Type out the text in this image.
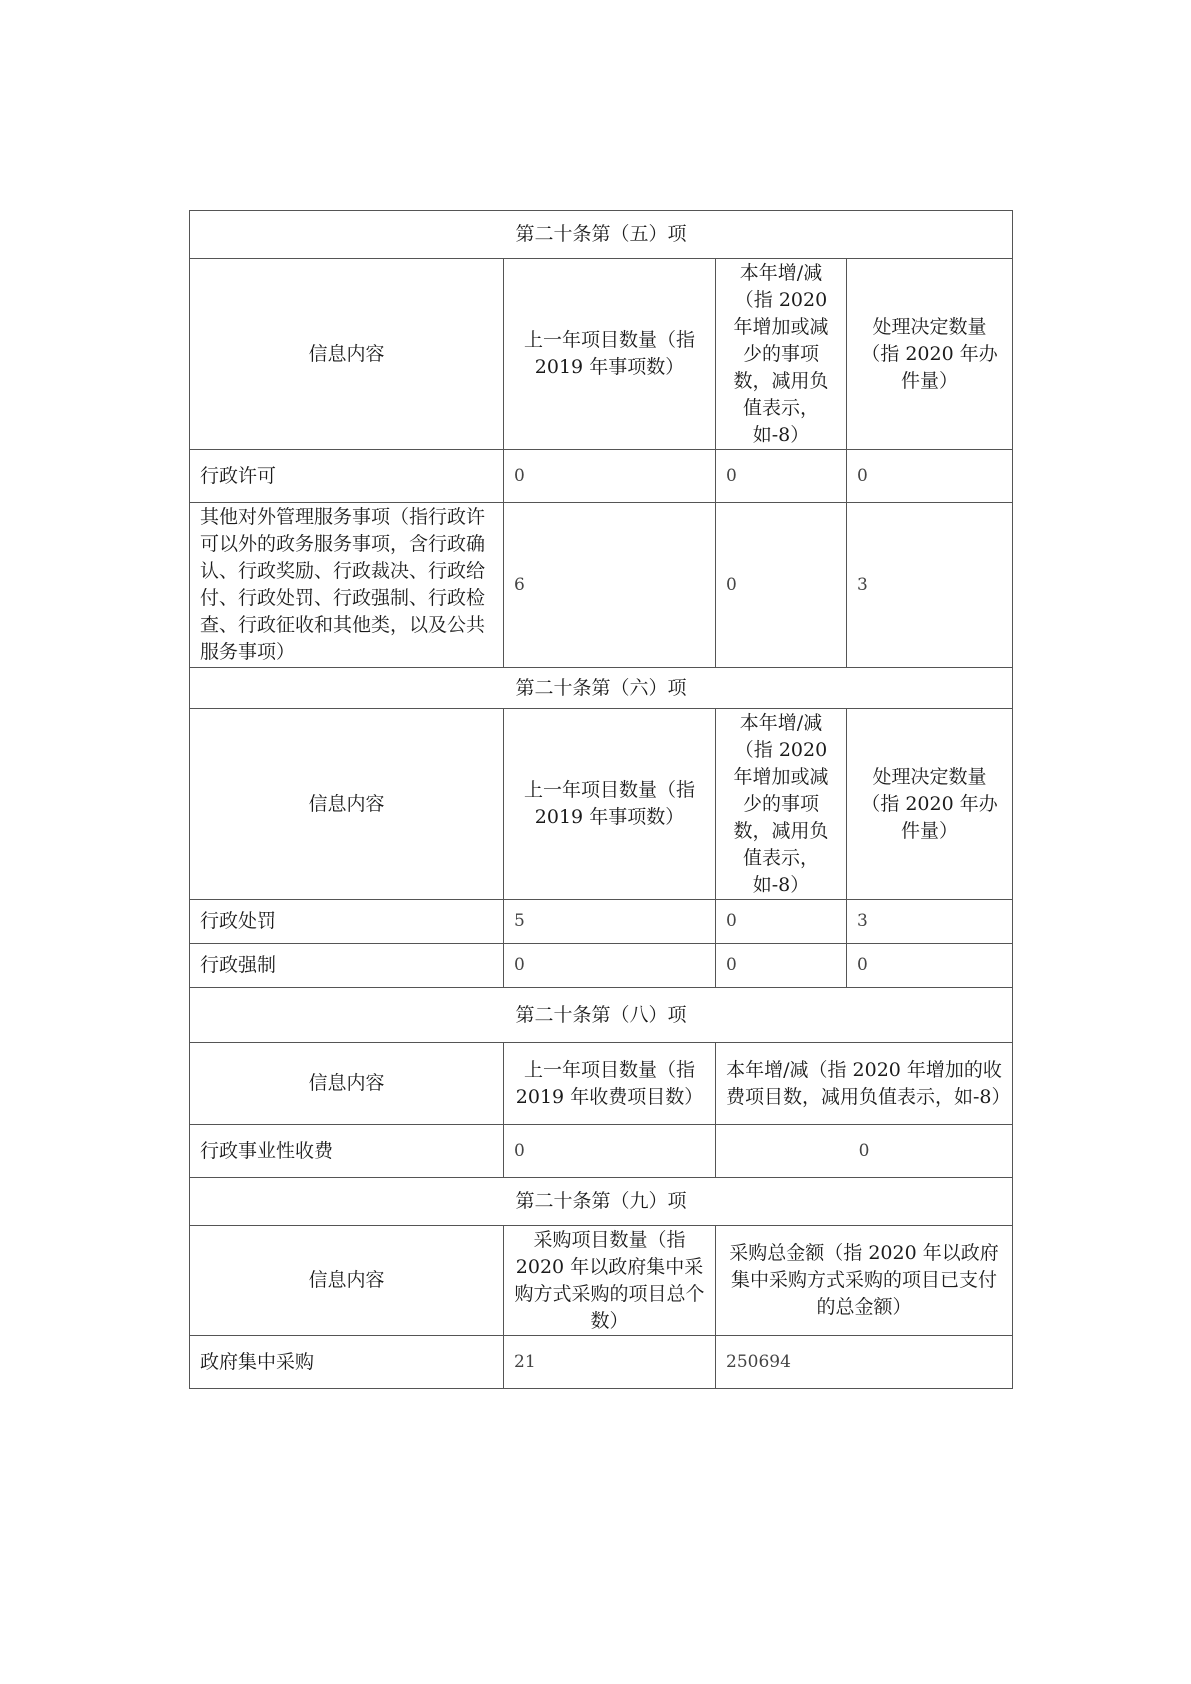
第二十条第（五）项			
信息内容	上一年项目数量（指 2019 年事项数）	本年增/减（指 2020 年增加或减少的事项数，减用负值表示，如-8）	处理决定数量（指 2020 年办件量）
行政许可	0	0	0
其他对外管理服务事项（指行政许可以外的政务服务事项，含行政确认、行政奖励、行政裁决、行政给付、行政处罚、行政强制、行政检查、行政征收和其他类，以及公共服务事项）	6	0	3
第二十条第（六）项			
信息内容	上一年项目数量（指 2019 年事项数）	本年增/减（指 2020 年增加或减少的事项数，减用负值表示，如-8）	处理决定数量（指 2020 年办件量）
行政处罚	5	0	3
行政强制	0	0	0
第二十条第（八）项			
信息内容	上一年项目数量（指 2019 年收费项目数）	本年增/减（指 2020 年增加的收费项目数，减用负值表示，如-8）	
行政事业性收费	0	0	
第二十条第（九）项			
信息内容	采购项目数量（指 2020 年以政府集中采购方式采购的项目总个数）	采购总金额（指 2020 年以政府集中采购方式采购的项目已支付的总金额）	
政府集中采购	21	250694	
